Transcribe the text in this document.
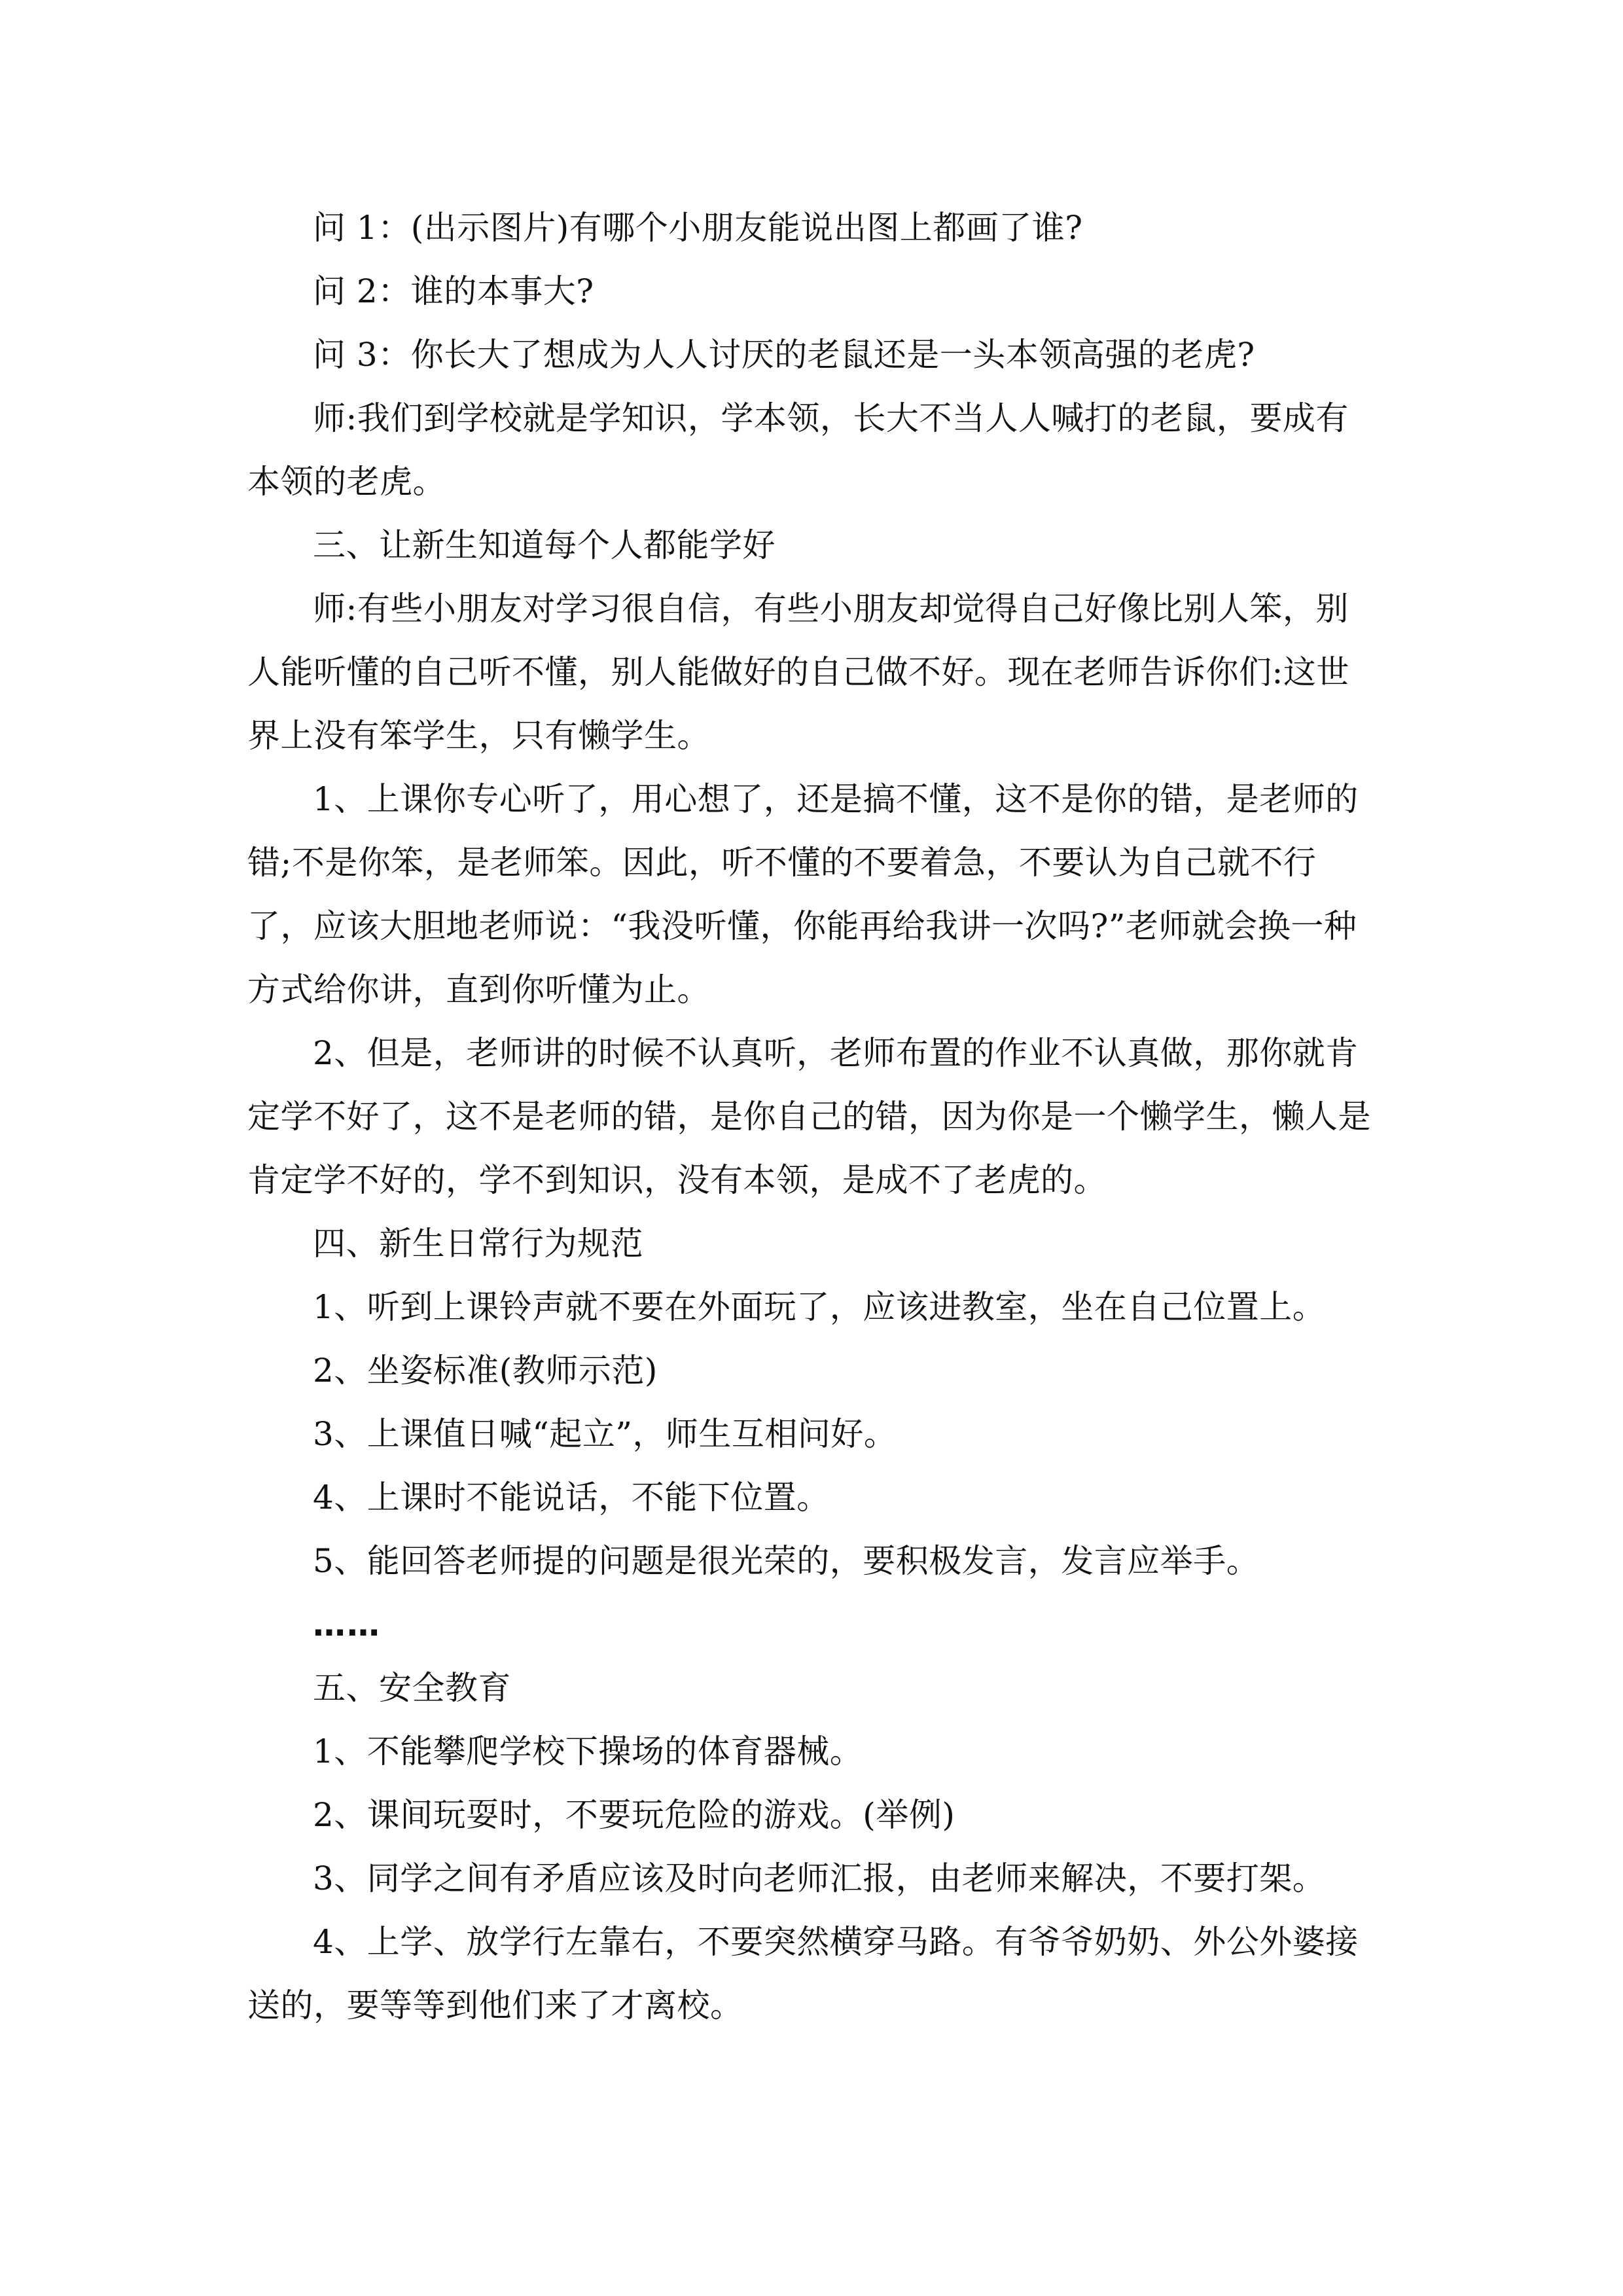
问 1：(出示图片)有哪个小朋友能说出图上都画了谁?

问 2：谁的本事大?

问 3：你长大了想成为人人讨厌的老鼠还是一头本领高强的老虎?

师:我们到学校就是学知识，学本领，长大不当人人喊打的老鼠，要成有本领的老虎。

三、让新生知道每个人都能学好

师:有些小朋友对学习很自信，有些小朋友却觉得自己好像比别人笨，别人能听懂的自己听不懂，别人能做好的自己做不好。现在老师告诉你们:这世界上没有笨学生，只有懒学生。

1、上课你专心听了，用心想了，还是搞不懂，这不是你的错，是老师的错;不是你笨，是老师笨。因此，听不懂的不要着急，不要认为自己就不行了，应该大胆地老师说：“我没听懂，你能再给我讲一次吗?”老师就会换一种方式给你讲，直到你听懂为止。

2、但是，老师讲的时候不认真听，老师布置的作业不认真做，那你就肯定学不好了，这不是老师的错，是你自己的错，因为你是一个懒学生，懒人是肯定学不好的，学不到知识，没有本领，是成不了老虎的。

四、新生日常行为规范

1、听到上课铃声就不要在外面玩了，应该进教室，坐在自己位置上。

2、坐姿标准(教师示范)

3、上课值日喊“起立”，师生互相问好。

4、上课时不能说话，不能下位置。

5、能回答老师提的问题是很光荣的，要积极发言，发言应举手。

……

五、安全教育

1、不能攀爬学校下操场的体育器械。

2、课间玩耍时，不要玩危险的游戏。(举例)

3、同学之间有矛盾应该及时向老师汇报，由老师来解决，不要打架。

4、上学、放学行左靠右，不要突然横穿马路。有爷爷奶奶、外公外婆接送的，要等等到他们来了才离校。
